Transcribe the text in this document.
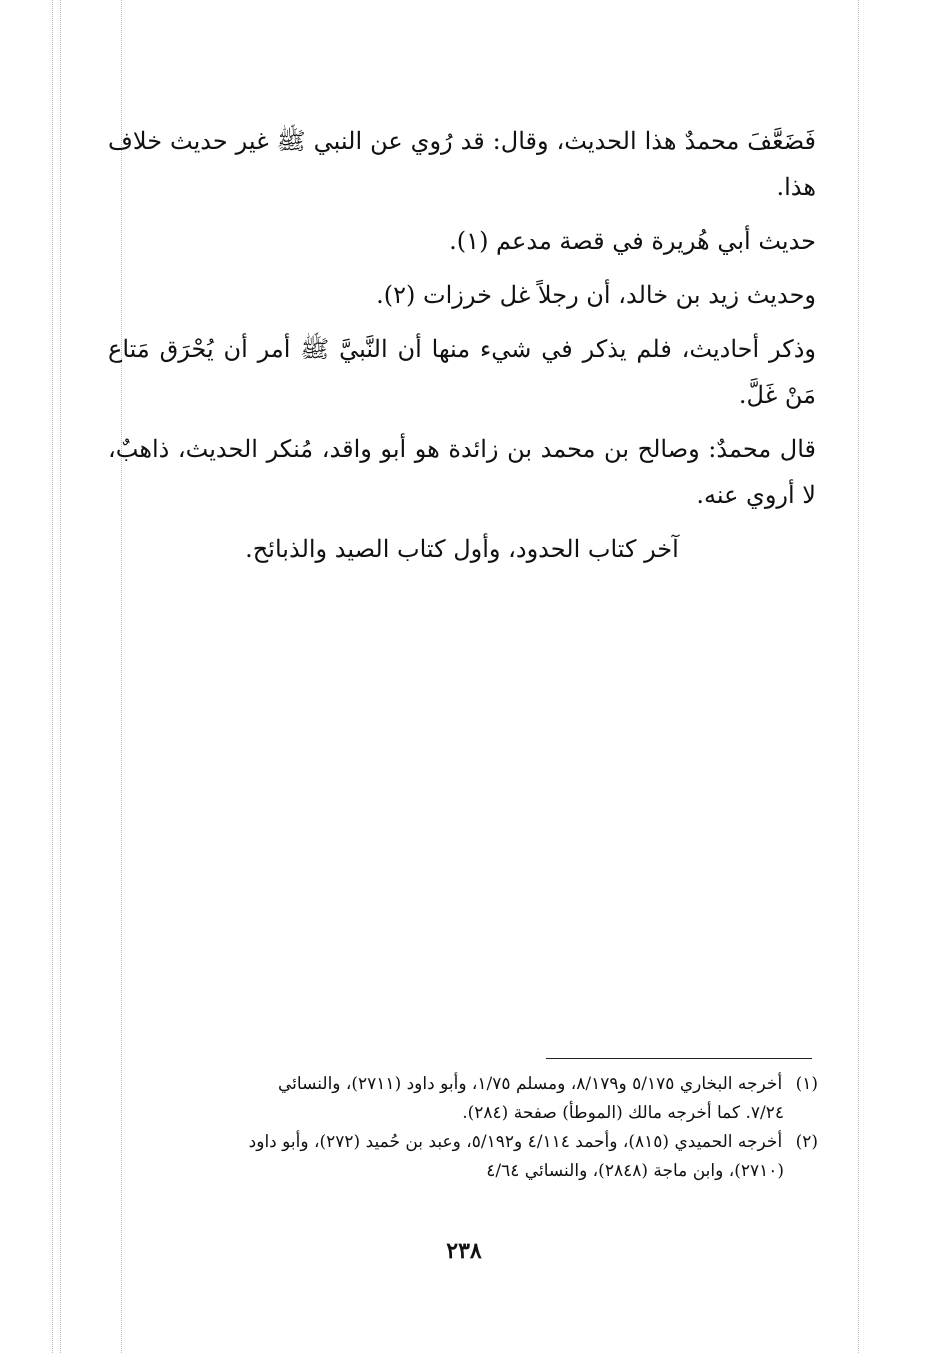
فَضَعَّفَ محمدٌ هذا الحديث، وقال: قد رُوي عن النبي ﷺ غير حديث خلاف هذا.

حديث أبي هُريرة في قصة مدعم (١).

وحديث زيد بن خالد، أن رجلاً غل خرزات (٢).

وذكر أحاديث، فلم يذكر في شيء منها أن النَّبيَّ ﷺ أمر أن يُحْرَق مَتاع مَنْ غَلَّ.

قال محمدٌ: وصالح بن محمد بن زائدة هو أبو واقد، مُنكر الحديث، ذاهبٌ، لا أروي عنه.

آخر كتاب الحدود، وأول كتاب الصيد والذبائح.

(١) أخرجه البخاري ٥/١٧٥ و٨/١٧٩، ومسلم ١/٧٥، وأبو داود (٢٧١١)، والنسائي

٧/٢٤. كما أخرجه مالك (الموطأ) صفحة (٢٨٤).

(٢) أخرجه الحميدي (٨١٥)، وأحمد ٤/١١٤ و٥/١٩٢، وعبد بن حُميد (٢٧٢)، وأبو داود

(٢٧١٠)، وابن ماجة (٢٨٤٨)، والنسائي ٤/٦٤

٢٣٨
